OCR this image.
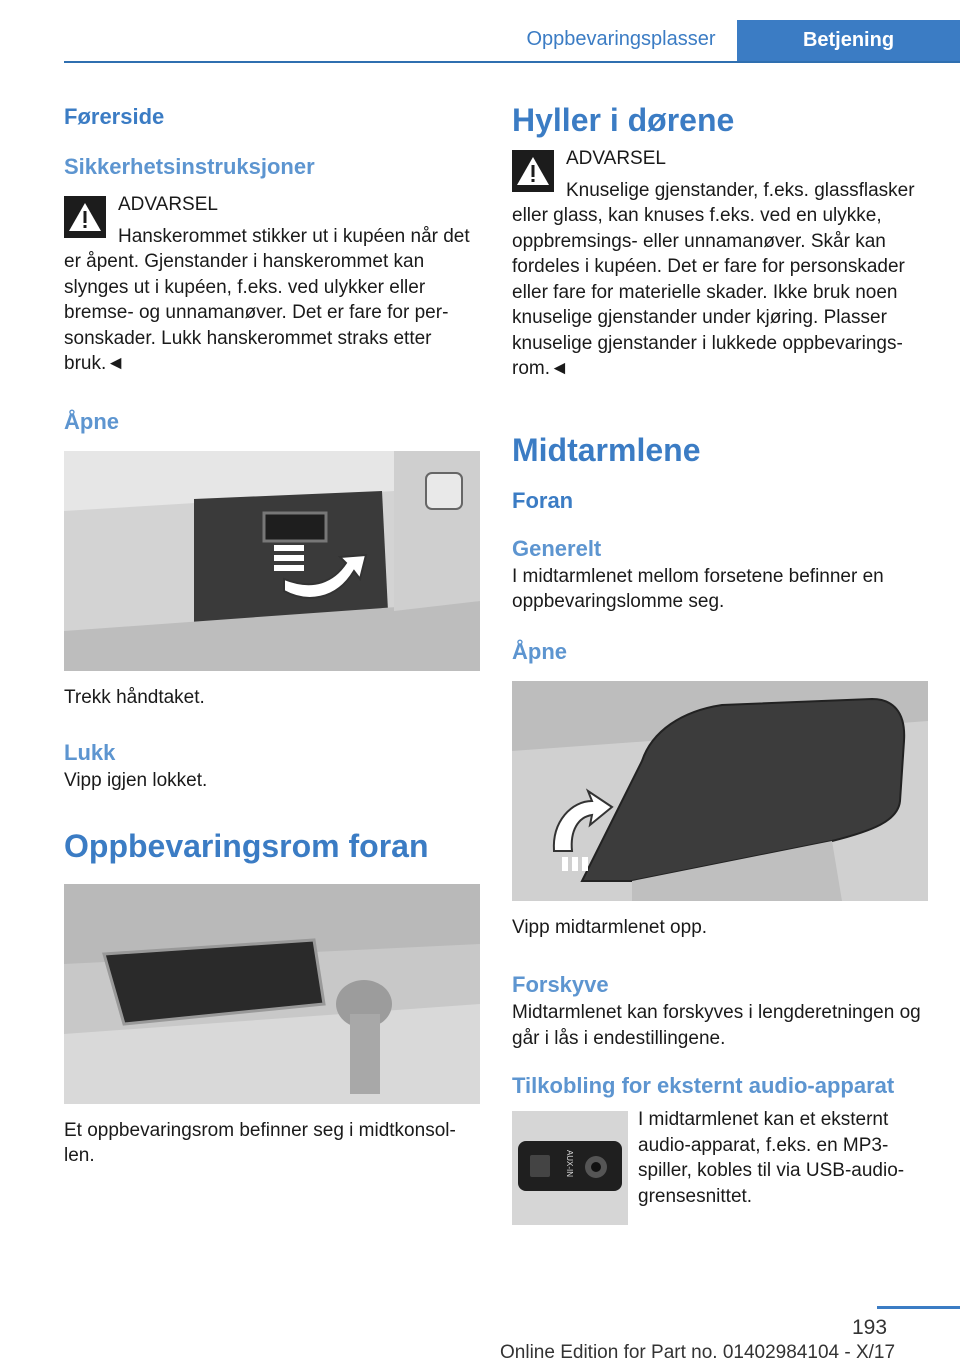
Oppbevaringsplasser	Betjening
Førerside
Sikkerhetsinstruksjoner

ADVARSEL

Hanskerommet stikker ut i kupéen når det er åpent. Gjenstander i hanskerommet kan slynges ut i kupéen, f.eks. ved ulykker eller bremse- og unnamanøver. Det er fare for personskader. Lukk hanskerommet straks etter bruk.◄

Åpne

Trekk håndtaket.

Lukk

Vipp igjen lokket.

Oppbevaringsrom foran

Et oppbevaringsrom befinner seg i midtkonsollen.

Hyller i dørene

ADVARSEL

Knuselige gjenstander, f.eks. glassflasker eller glass, kan knuses f.eks. ved en ulykke, oppbremsings- eller unnamanøver. Skår kan fordeles i kupéen. Det er fare for personskader eller fare for materielle skader. Ikke bruk noen knuselige gjenstander under kjøring. Plasser knuselige gjenstander i lukkede oppbevaringsrom.◄

Midtarmlene
Foran
Generelt

I midtarmlenet mellom forsetene befinner en oppbevaringslomme seg.

Åpne

Vipp midtarmlenet opp.

Forskyve

Midtarmlenet kan forskyves i lengderetningen og går i lås i endestillingene.

Tilkobling for eksternt audio-apparat
AUX-IN

I midtarmlenet kan et eksternt audio-apparat, f.eks. en MP3-spiller, kobles til via USB-audio-grensesnittet.

193
Online Edition for Part no. 01402984104 - X/17
